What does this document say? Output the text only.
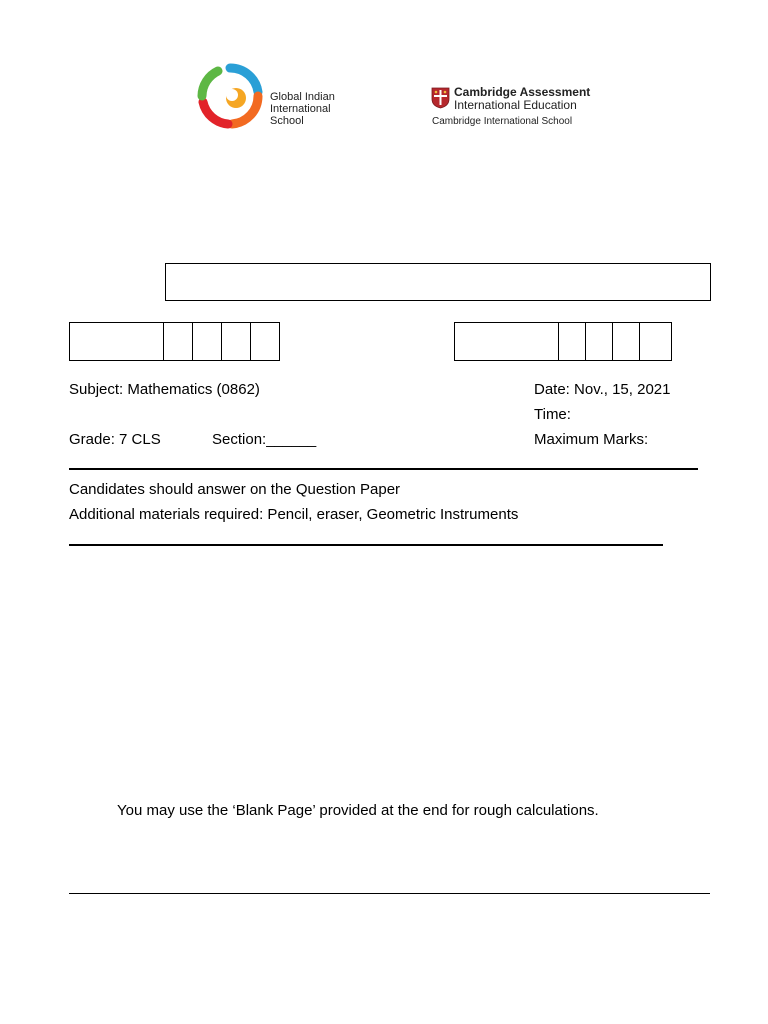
Global Indian
International
School
Cambridge Assessment
International Education
Cambridge International School
Subject: Mathematics (0862)	Date: Nov., 15, 2021
Time:
Grade: 7 CLS	Section:______	Maximum Marks:
Candidates should answer on the Question Paper
Additional materials required: Pencil, eraser, Geometric Instruments
You may use the ‘Blank Page’ provided at the end for rough calculations.
